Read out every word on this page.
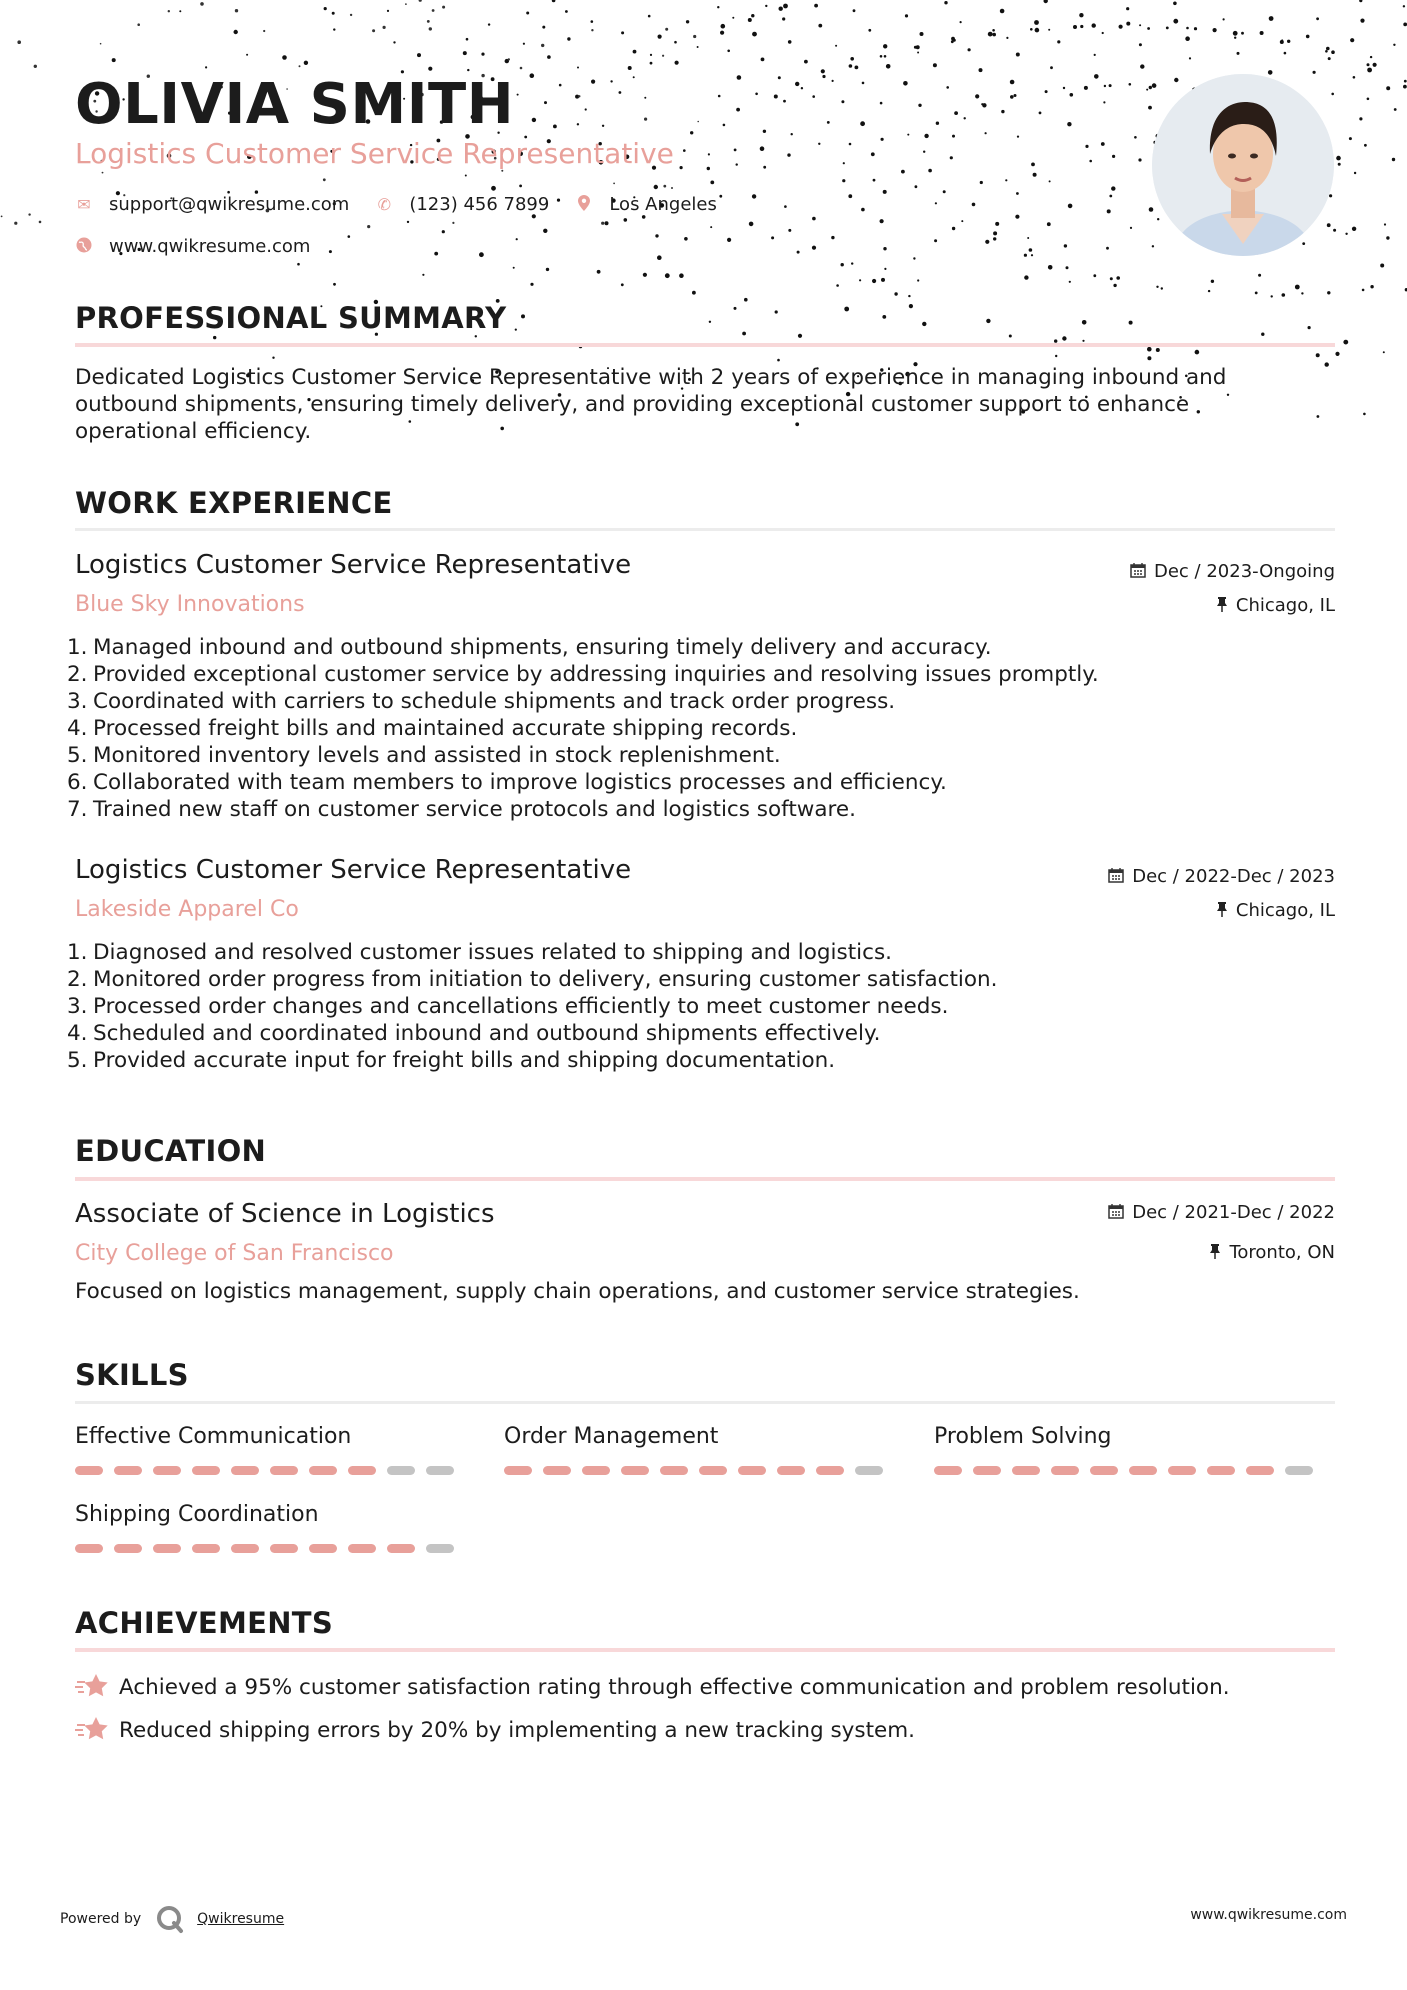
OLIVIA SMITH
Logistics Customer Service Representative
✉ support@qwikresume.com ✆ (123) 456 7899	Los Angeles
www.qwikresume.com
PROFESSIONAL SUMMARY
Dedicated Logistics Customer Service Representative with 2 years of experience in managing inbound and outbound shipments, ensuring timely delivery, and providing exceptional customer support to enhance operational efficiency.
WORK EXPERIENCE
Logistics Customer Service Representative
Blue Sky Innovations
Dec / 2023-Ongoing
Chicago, IL
1. Managed inbound and outbound shipments, ensuring timely delivery and accuracy.
2. Provided exceptional customer service by addressing inquiries and resolving issues promptly.
3. Coordinated with carriers to schedule shipments and track order progress.
4. Processed freight bills and maintained accurate shipping records.
5. Monitored inventory levels and assisted in stock replenishment.
6. Collaborated with team members to improve logistics processes and efficiency.
7. Trained new staff on customer service protocols and logistics software.
Logistics Customer Service Representative
Lakeside Apparel Co
Dec / 2022-Dec / 2023
Chicago, IL
1. Diagnosed and resolved customer issues related to shipping and logistics.
2. Monitored order progress from initiation to delivery, ensuring customer satisfaction.
3. Processed order changes and cancellations efficiently to meet customer needs.
4. Scheduled and coordinated inbound and outbound shipments effectively.
5. Provided accurate input for freight bills and shipping documentation.
EDUCATION
Associate of Science in Logistics
City College of San Francisco
Dec / 2021-Dec / 2022
Toronto, ON
Focused on logistics management, supply chain operations, and customer service strategies.
SKILLS
Effective Communication	Order Management	Problem Solving
Shipping Coordination
ACHIEVEMENTS
Achieved a 95% customer satisfaction rating through effective communication and problem resolution.
Reduced shipping errors by 20% by implementing a new tracking system.
Powered by	Qwikresume	www.qwikresume.com
